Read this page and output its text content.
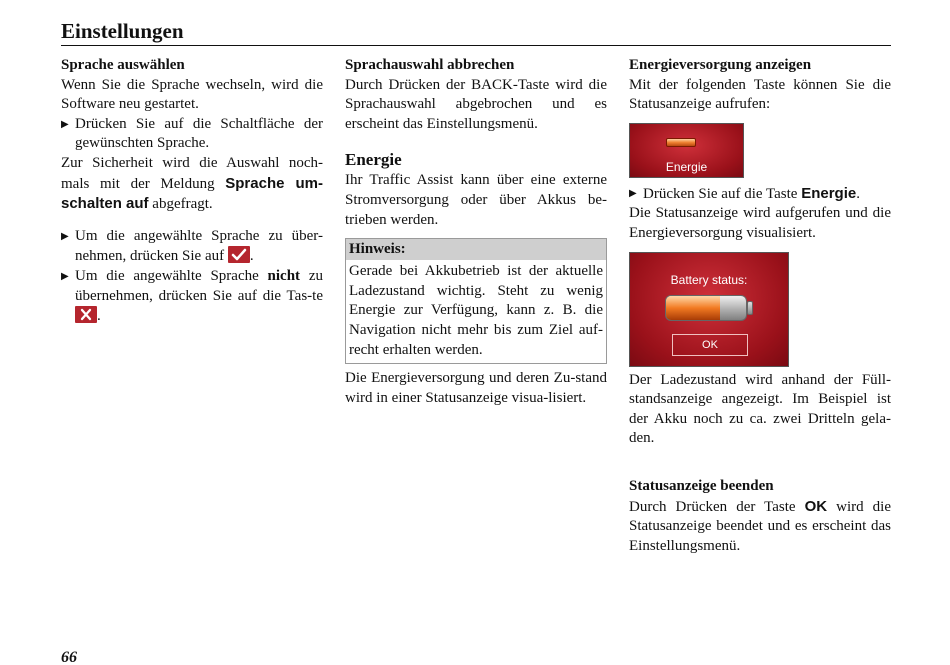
Einstellungen
Sprache auswählen
Wenn Sie die Sprache wechseln, wird die Software neu gestartet.
▶ Drücken Sie auf die Schaltfläche der gewünschten Sprache.
Zur Sicherheit wird die Auswahl noch-mals mit der Meldung Sprache um-schalten auf abgefragt.
▶ Um die angewählte Sprache zu über-nehmen, drücken Sie auf
.
▶ Um die angewählte Sprache nicht zu übernehmen, drücken Sie auf die Tas-te
.
Sprachauswahl abbrechen
Durch Drücken der BACK-Taste wird die Sprachauswahl abgebrochen und es erscheint das Einstellungsmenü.
Energie
Ihr Traffic Assist kann über eine externe Stromversorgung oder über Akkus be-trieben werden.
Hinweis:
Gerade bei Akkubetrieb ist der aktuelle Ladezustand wichtig. Steht zu wenig Energie zur Verfügung, kann z. B. die Navigation nicht mehr bis zum Ziel auf-recht erhalten werden.
Die Energieversorgung und deren Zu-stand wird in einer Statusanzeige visua-lisiert.
Energieversorgung anzeigen
Mit der folgenden Taste können Sie die Statusanzeige aufrufen:
Energie
▶ Drücken Sie auf die Taste Energie.
Die Statusanzeige wird aufgerufen und die Energieversorgung visualisiert.
Battery status:
OK
Der Ladezustand wird anhand der Füll-standsanzeige angezeigt. Im Beispiel ist der Akku noch zu ca. zwei Dritteln gela-den.
Statusanzeige beenden
Durch Drücken der Taste OK wird die Statusanzeige beendet und es erscheint das Einstellungsmenü.
66
